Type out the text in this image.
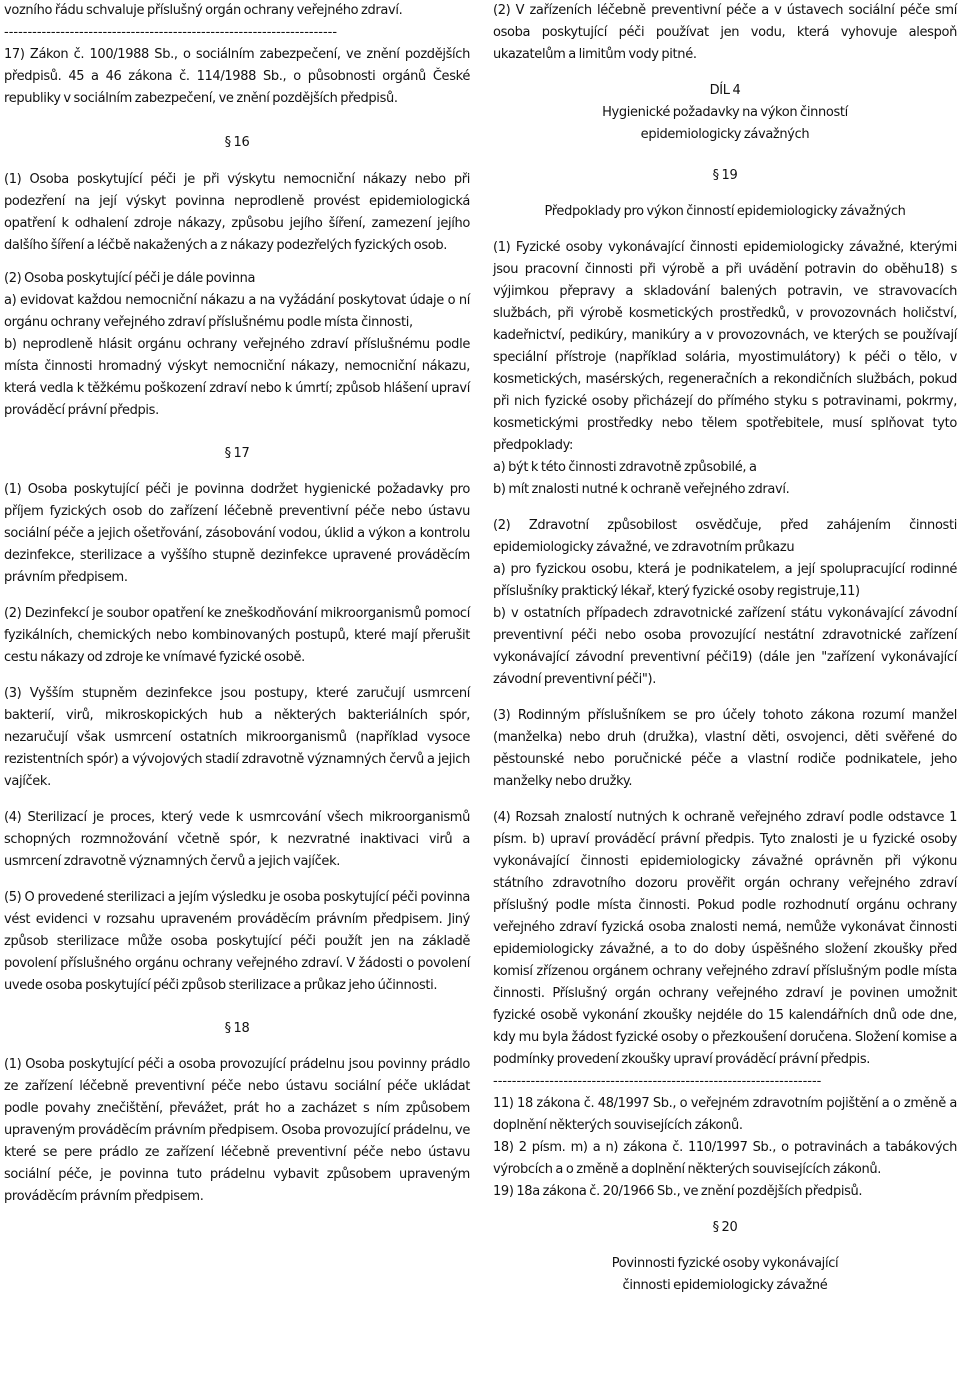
vozního řádu schvaluje příslušný orgán ochrany veřejného zdraví.

-----------------------------------------------------------------------

17) Zákon č. 100/1988 Sb., o sociálním zabezpečení, ve znění pozdějších předpisů. 45 a 46 zákona č. 114/1988 Sb., o působnosti orgánů České republiky v sociálním zabezpečení, ve znění pozdějších předpisů.

§ 16

(1) Osoba poskytující péči je při výskytu nemocniční nákazy nebo při podezření na její výskyt povinna neprodleně provést epidemiologická opatření k odhalení zdroje nákazy, způsobu jejího šíření, zamezení jejího dalšího šíření a léčbě nakažených a z nákazy podezřelých fyzických osob.

(2) Osoba poskytující péči je dále povinna

a) evidovat každou nemocniční nákazu a na vyžádání poskytovat údaje o ní orgánu ochrany veřejného zdraví příslušnému podle místa činnosti,

b) neprodleně hlásit orgánu ochrany veřejného zdraví příslušnému podle místa činnosti hromadný výskyt nemocniční nákazy, nemocniční nákazu, která vedla k těžkému poškození zdraví nebo k úmrtí; způsob hlášení upraví prováděcí právní předpis.

§ 17

(1) Osoba poskytující péči je povinna dodržet hygienické požadavky pro příjem fyzických osob do zařízení léčebně preventivní péče nebo ústavu sociální péče a jejich ošetřování, zásobování vodou, úklid a výkon a kontrolu dezinfekce, sterilizace a vyššího stupně dezinfekce upravené prováděcím právním předpisem.

(2) Dezinfekcí je soubor opatření ke zneškodňování mikroorganismů pomocí fyzikálních, chemických nebo kombinovaných postupů, které mají přerušit cestu nákazy od zdroje ke vnímavé fyzické osobě.

(3) Vyšším stupněm dezinfekce jsou postupy, které zaručují usmrcení bakterií, virů, mikroskopických hub a některých bakteriálních spór, nezaručují však usmrcení ostatních mikroorganismů (například vysoce rezistentních spór) a vývojových stadií zdravotně významných červů a jejich vajíček.

(4) Sterilizací je proces, který vede k usmrcování všech mikroorganismů schopných rozmnožování včetně spór, k nezvratné inaktivaci virů a usmrcení zdravotně významných červů a jejich vajíček.

(5) O provedené sterilizaci a jejím výsledku je osoba poskytující péči povinna vést evidenci v rozsahu upraveném prováděcím právním předpisem. Jiný způsob sterilizace může osoba poskytující péči použít jen na základě povolení příslušného orgánu ochrany veřejného zdraví. V žádosti o povolení uvede osoba poskytující péči způsob sterilizace a průkaz jeho účinnosti.

§ 18

(1) Osoba poskytující péči a osoba provozující prádelnu jsou povinny prádlo ze zařízení léčebně preventivní péče nebo ústavu sociální péče ukládat podle povahy znečištění, převážet, prát ho a zacházet s ním způsobem upraveným prováděcím právním předpisem. Osoba provozující prádelnu, ve které se pere prádlo ze zařízení léčebně preventivní péče nebo ústavu sociální péče, je povinna tuto prádelnu vybavit způsobem upraveným prováděcím právním předpisem.

(2) V zařízeních léčebně preventivní péče a v ústavech sociální péče smí osoba poskytující péči používat jen vodu, která vyhovuje alespoň ukazatelům a limitům vody pitné.

DÍL 4

Hygienické požadavky na výkon činností

epidemiologicky závažných

§ 19

Předpoklady pro výkon činností epidemiologicky závažných

(1) Fyzické osoby vykonávající činnosti epidemiologicky závažné, kterými jsou pracovní činnosti při výrobě a při uvádění potravin do oběhu18) s výjimkou přepravy a skladování balených potravin, ve stravovacích službách, při výrobě kosmetických prostředků, v provozovnách holičství, kadeřnictví, pedikúry, manikúry a v provozovnách, ve kterých se používají speciální přístroje (například solária, myostimulátory) k péči o tělo, v kosmetických, masérských, regeneračních a rekondičních službách, pokud při nich fyzické osoby přicházejí do přímého styku s potravinami, pokrmy, kosmetickými prostředky nebo tělem spotřebitele, musí splňovat tyto předpoklady:

a) být k této činnosti zdravotně způsobilé, a

b) mít znalosti nutné k ochraně veřejného zdraví.

(2) Zdravotní způsobilost osvědčuje, před zahájením činnosti epidemiologicky závažné, ve zdravotním průkazu

a) pro fyzickou osobu, která je podnikatelem, a její spolupracující rodinné příslušníky praktický lékař, který fyzické osoby registruje,11)

b) v ostatních případech zdravotnické zařízení státu vykonávající závodní preventivní péči nebo osoba provozující nestátní zdravotnické zařízení vykonávající závodní preventivní péči19) (dále jen "zařízení vykonávající závodní preventivní péči").

(3) Rodinným příslušníkem se pro účely tohoto zákona rozumí manžel (manželka) nebo druh (družka), vlastní děti, osvojenci, děti svěřené do pěstounské nebo poručnické péče a vlastní rodiče podnikatele, jeho manželky nebo družky.

(4) Rozsah znalostí nutných k ochraně veřejného zdraví podle odstavce 1 písm. b) upraví prováděcí právní předpis. Tyto znalosti je u fyzické osoby vykonávající činnosti epidemiologicky závažné oprávněn při výkonu státního zdravotního dozoru prověřit orgán ochrany veřejného zdraví příslušný podle místa činnosti. Pokud podle rozhodnutí orgánu ochrany veřejného zdraví fyzická osoba znalosti nemá, nemůže vykonávat činnosti epidemiologicky závažné, a to do doby úspěšného složení zkoušky před komisí zřízenou orgánem ochrany veřejného zdraví příslušným podle místa činnosti. Příslušný orgán ochrany veřejného zdraví je povinen umožnit fyzické osobě vykonání zkoušky nejdéle do 15 kalendářních dnů ode dne, kdy mu byla žádost fyzické osoby o přezkoušení doručena. Složení komise a podmínky provedení zkoušky upraví prováděcí právní předpis.

----------------------------------------------------------------------

11) 18 zákona č. 48/1997 Sb., o veřejném zdravotním pojištění a o změně a doplnění některých souvisejících zákonů.

18) 2 písm. m) a n) zákona č. 110/1997 Sb., o potravinách a tabákových výrobcích a o změně a doplnění některých souvisejících zákonů.

19) 18a zákona č. 20/1966 Sb., ve znění pozdějších předpisů.

§ 20

Povinnosti fyzické osoby vykonávající

činnosti epidemiologicky závažné
